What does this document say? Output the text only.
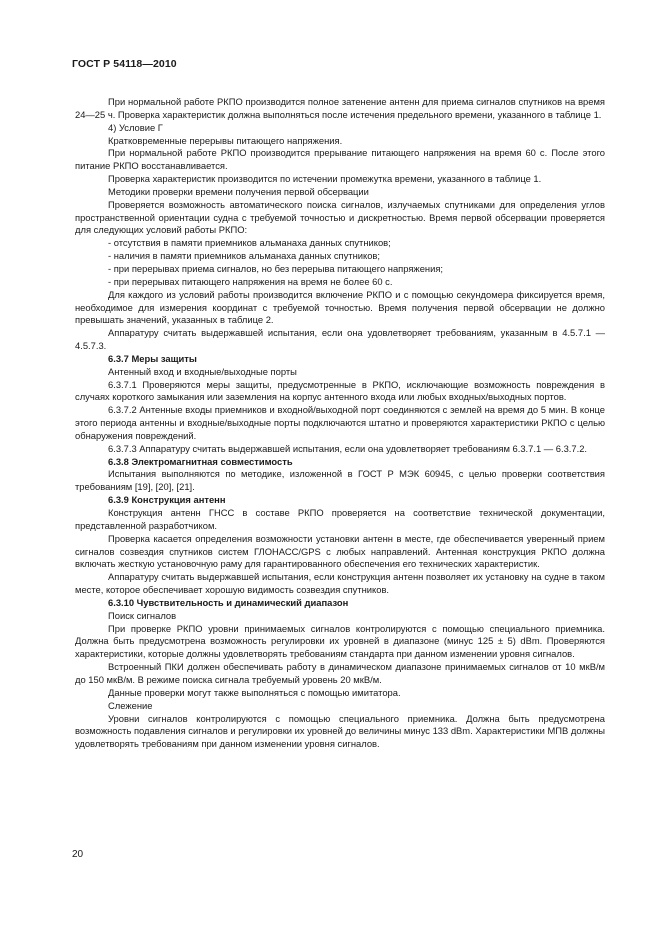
ГОСТ Р 54118—2010

При нормальной работе РКПО производится полное затенение антенн для приема сигналов спутников на время 24—25 ч. Проверка характеристик должна выполняться после истечения предельного времени, указанного в таблице 1.

4) Условие Г

Кратковременные перерывы питающего напряжения.

При нормальной работе РКПО производится прерывание питающего напряжения на время 60 с. После этого питание РКПО восстанавливается.

Проверка характеристик производится по истечении промежутка времени, указанного в таблице 1.

Методики проверки времени получения первой обсервации

Проверяется возможность автоматического поиска сигналов, излучаемых спутниками для определения углов пространственной ориентации судна с требуемой точностью и дискретностью. Время первой обсервации проверяется для следующих условий работы РКПО:

- отсутствия в памяти приемников альманаха данных спутников;

- наличия в памяти приемников альманаха данных спутников;

- при перерывах приема сигналов, но без перерыва питающего напряжения;

- при перерывах питающего напряжения на время не более 60 с.

Для каждого из условий работы производится включение РКПО и с помощью секундомера фиксируется время, необходимое для измерения координат с требуемой точностью. Время получения первой обсервации не должно превышать значений, указанных в таблице 2.

Аппаратуру считать выдержавшей испытания, если она удовлетворяет требованиям, указанным в 4.5.7.1 — 4.5.7.3.

6.3.7 Меры защиты

Антенный вход и входные/выходные порты

6.3.7.1 Проверяются меры защиты, предусмотренные в РКПО, исключающие возможность повреждения в случаях короткого замыкания или заземления на корпус антенного входа или любых входных/выходных портов.

6.3.7.2 Антенные входы приемников и входной/выходной порт соединяются с землей на время до 5 мин. В конце этого периода антенны и входные/выходные порты подключаются штатно и проверяются характеристики РКПО с целью обнаружения повреждений.

6.3.7.3 Аппаратуру считать выдержавшей испытания, если она удовлетворяет требованиям 6.3.7.1 — 6.3.7.2.

6.3.8 Электромагнитная совместимость

Испытания выполняются по методике, изложенной в ГОСТ Р МЭК 60945, с целью проверки соответствия требованиям [19], [20], [21].

6.3.9 Конструкция антенн

Конструкция антенн ГНСС в составе РКПО проверяется на соответствие технической документации, представленной разработчиком.

Проверка касается определения возможности установки антенн в месте, где обеспечивается уверенный прием сигналов созвездия спутников систем ГЛОНАСС/GPS с любых направлений. Антенная конструкция РКПО должна включать жесткую установочную раму для гарантированного обеспечения его технических характеристик.

Аппаратуру считать выдержавшей испытания, если конструкция антенн позволяет их установку на судне в таком месте, которое обеспечивает хорошую видимость созвездия спутников.

6.3.10 Чувствительность и динамический диапазон

Поиск сигналов

При проверке РКПО уровни принимаемых сигналов контролируются с помощью специального приемника. Должна быть предусмотрена возможность регулировки их уровней в диапазоне (минус 125 ± 5) dBm. Проверяются характеристики, которые должны удовлетворять требованиям стандарта при данном изменении уровня сигналов.

Встроенный ПКИ должен обеспечивать работу в динамическом диапазоне принимаемых сигналов от 10 мкВ/м до 150 мкВ/м. В режиме поиска сигнала требуемый уровень 20 мкВ/м.

Данные проверки могут также выполняться с помощью имитатора.

Слежение

Уровни сигналов контролируются с помощью специального приемника. Должна быть предусмотрена возможность подавления сигналов и регулировки их уровней до величины минус 133 dBm. Характеристики МПВ должны удовлетворять требованиям при данном изменении уровня сигналов.

20
